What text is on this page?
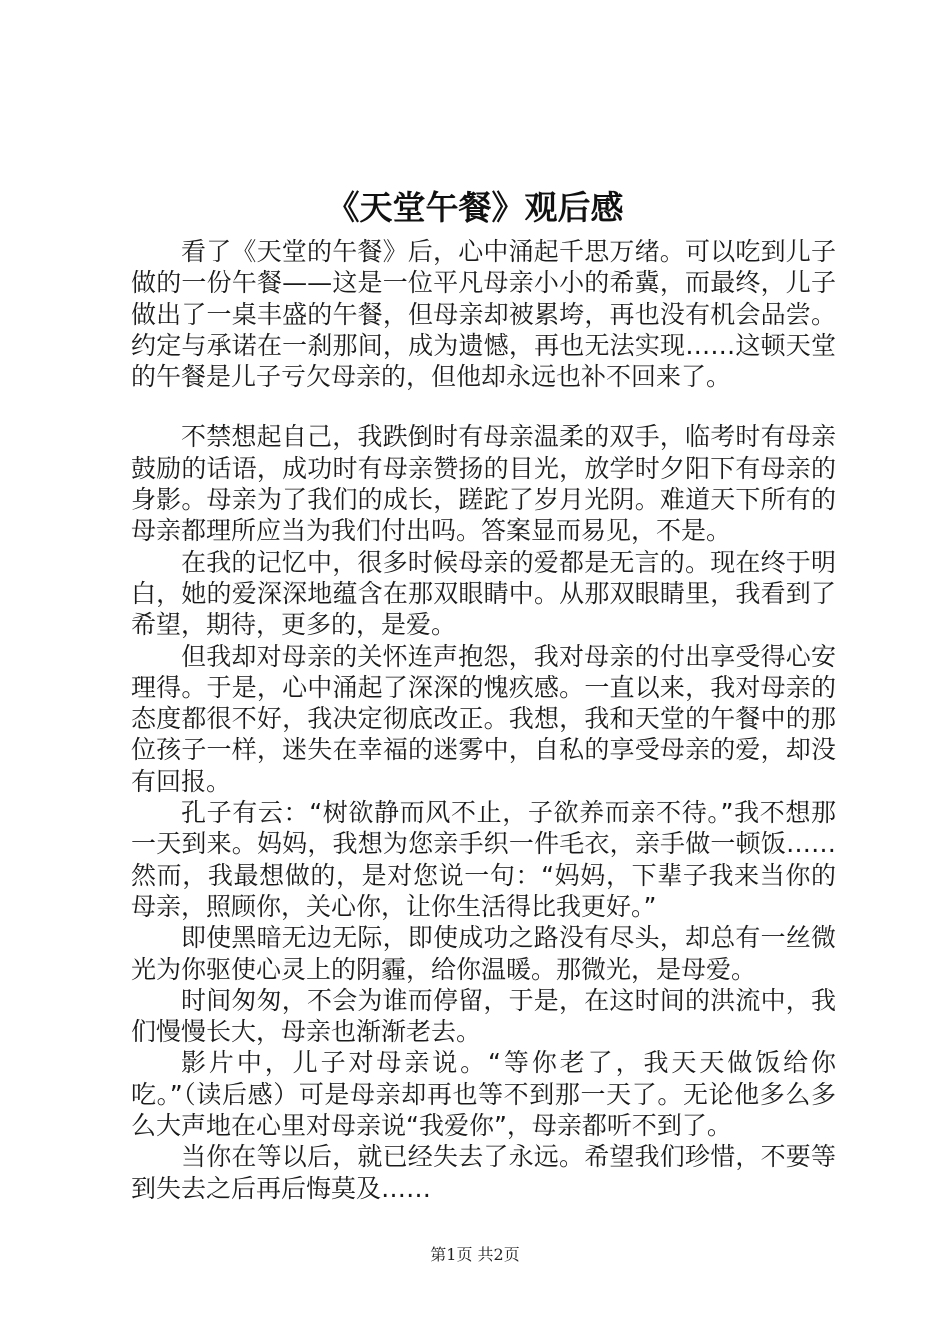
《天堂午餐》观后感

看了《天堂的午餐》后，心中涌起千思万绪。可以吃到儿子做的一份午餐——这是一位平凡母亲小小的希冀，而最终，儿子做出了一桌丰盛的午餐，但母亲却被累垮，再也没有机会品尝。约定与承诺在一刹那间，成为遗憾，再也无法实现……这顿天堂的午餐是儿子亏欠母亲的，但他却永远也补不回来了。

不禁想起自己，我跌倒时有母亲温柔的双手，临考时有母亲鼓励的话语，成功时有母亲赞扬的目光，放学时夕阳下有母亲的身影。母亲为了我们的成长，蹉跎了岁月光阴。难道天下所有的母亲都理所应当为我们付出吗。答案显而易见，不是。

在我的记忆中，很多时候母亲的爱都是无言的。现在终于明白，她的爱深深地蕴含在那双眼睛中。从那双眼睛里，我看到了希望，期待，更多的，是爱。

但我却对母亲的关怀连声抱怨，我对母亲的付出享受得心安理得。于是，心中涌起了深深的愧疚感。一直以来，我对母亲的态度都很不好，我决定彻底改正。我想，我和天堂的午餐中的那位孩子一样，迷失在幸福的迷雾中，自私的享受母亲的爱，却没有回报。

孔子有云：“树欲静而风不止，子欲养而亲不待。”我不想那一天到来。妈妈，我想为您亲手织一件毛衣，亲手做一顿饭……然而，我最想做的，是对您说一句：“妈妈，下辈子我来当你的母亲，照顾你，关心你，让你生活得比我更好。”

即使黑暗无边无际，即使成功之路没有尽头，却总有一丝微光为你驱使心灵上的阴霾，给你温暖。那微光，是母爱。

时间匆匆，不会为谁而停留，于是，在这时间的洪流中，我们慢慢长大，母亲也渐渐老去。

影片中，儿子对母亲说。“等你老了，我天天做饭给你吃。”（读后感）可是母亲却再也等不到那一天了。无论他多么多么大声地在心里对母亲说“我爱你”，母亲都听不到了。

当你在等以后，就已经失去了永远。希望我们珍惜，不要等到失去之后再后悔莫及……

第1页 共2页
